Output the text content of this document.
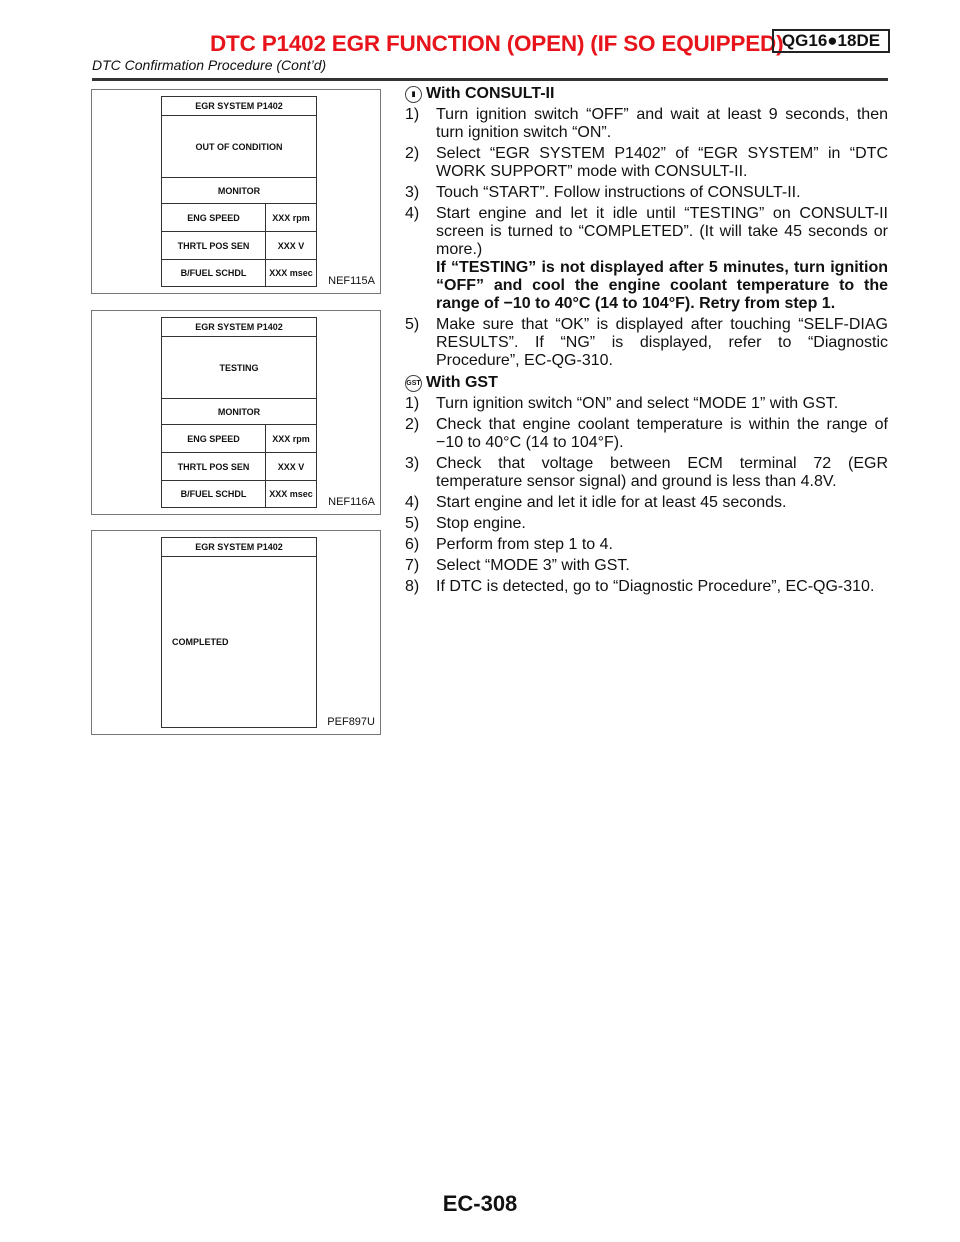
DTC P1402 EGR FUNCTION (OPEN) (IF SO EQUIPPED)
QG16●18DE
DTC Confirmation Procedure (Cont’d)
EGR SYSTEM P1402
OUT OF CONDITION
MONITOR
ENG SPEED	XXX rpm
THRTL POS SEN	XXX V
B/FUEL SCHDL	XXX msec
NEF115A
EGR SYSTEM P1402
TESTING
MONITOR
ENG SPEED	XXX rpm
THRTL POS SEN	XXX V
B/FUEL SCHDL	XXX msec
NEF116A
EGR SYSTEM P1402
COMPLETED
PEF897U
▮ With CONSULT-II
1)	Turn ignition switch “OFF” and wait at least 9 seconds, then turn ignition switch “ON”.
2)	Select “EGR SYSTEM P1402” of “EGR SYSTEM” in “DTC WORK SUPPORT” mode with CONSULT-II.
3)	Touch “START”. Follow instructions of CONSULT-II.
4)	Start engine and let it idle until “TESTING” on CONSULT-II screen is turned to “COMPLETED”. (It will take 45 seconds or more.)
If “TESTING” is not displayed after 5 minutes, turn ignition “OFF” and cool the engine coolant temperature to the range of −10 to 40°C (14 to 104°F). Retry from step 1.
5)	Make sure that “OK” is displayed after touching “SELF-DIAG RESULTS”. If “NG” is displayed, refer to “Diagnostic Procedure”, EC-QG-310.
GST With GST
1)	Turn ignition switch “ON” and select “MODE 1” with GST.
2)	Check that engine coolant temperature is within the range of −10 to 40°C (14 to 104°F).
3)	Check that voltage between ECM terminal 72 (EGR temperature sensor signal) and ground is less than 4.8V.
4)	Start engine and let it idle for at least 45 seconds.
5)	Stop engine.
6)	Perform from step 1 to 4.
7)	Select “MODE 3” with GST.
8)	If DTC is detected, go to “Diagnostic Procedure”, EC-QG-310.
EC-308
